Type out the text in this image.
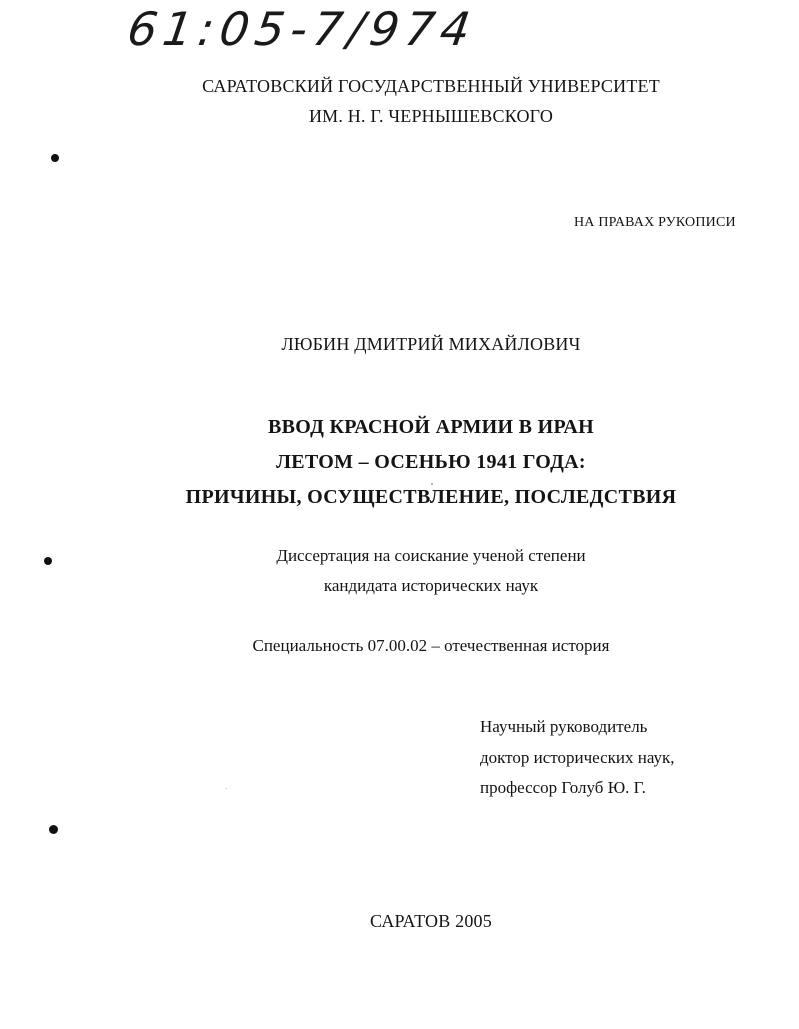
61:05-7/974
САРАТОВСКИЙ ГОСУДАРСТВЕННЫЙ УНИВЕРСИТЕТ
ИМ. Н. Г. ЧЕРНЫШЕВСКОГО
НА ПРАВАХ РУКОПИСИ
ЛЮБИН ДМИТРИЙ МИХАЙЛОВИЧ
ВВОД КРАСНОЙ АРМИИ В ИРАН
ЛЕТОМ – ОСЕНЬЮ 1941 ГОДА:
ПРИЧИНЫ, ОСУЩЕСТВЛЕНИЕ, ПОСЛЕДСТВИЯ
Диссертация на соискание ученой степени
кандидата исторических наук
Специальность 07.00.02 – отечественная история
Научный руководитель
доктор исторических наук,
профессор Голуб Ю. Г.
САРАТОВ 2005
